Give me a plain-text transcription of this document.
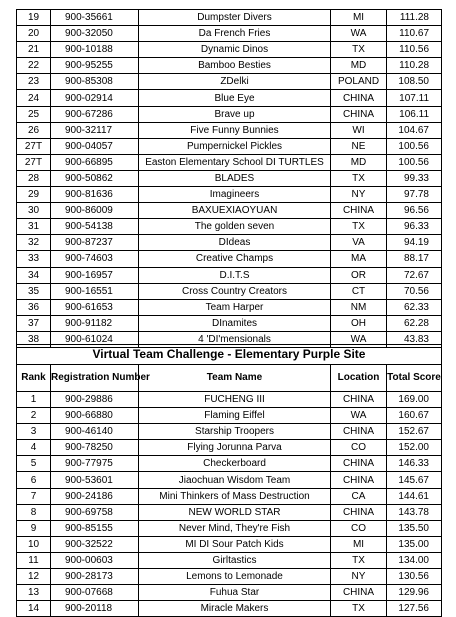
19	900-35661	Dumpster Divers	MI	111.28
20	900-32050	Da French Fries	WA	110.67
21	900-10188	Dynamic Dinos	TX	110.56
22	900-95255	Bamboo Besties	MD	110.28
23	900-85308	ZDelki	POLAND	108.50
24	900-02914	Blue Eye	CHINA	107.11
25	900-67286	Brave up	CHINA	106.11
26	900-32117	Five Funny Bunnies	WI	104.67
27T	900-04057	Pumpernickel Pickles	NE	100.56
27T	900-66895	Easton Elementary School DI TURTLES	MD	100.56
28	900-50862	BLADES	TX	99.33
29	900-81636	Imagineers	NY	97.78
30	900-86009	BAXUEXIAOYUAN	CHINA	96.56
31	900-54138	The golden seven	TX	96.33
32	900-87237	DIdeas	VA	94.19
33	900-74603	Creative Champs	MA	88.17
34	900-16957	D.I.T.S	OR	72.67
35	900-16551	Cross Country Creators	CT	70.56
36	900-61653	Team Harper	NM	62.33
37	900-91182	DInamites	OH	62.28
38	900-61024	4 'DI'mensionals	WA	43.83
Virtual Team Challenge - Elementary Purple Site				
Rank	Registration Number	Team Name	Location	Total Score
1	900-29886	FUCHENG III	CHINA	169.00
2	900-66880	Flaming Eiffel	WA	160.67
3	900-46140	Starship Troopers	CHINA	152.67
4	900-78250	Flying Jorunna Parva	CO	152.00
5	900-77975	Checkerboard	CHINA	146.33
6	900-53601	Jiaochuan Wisdom Team	CHINA	145.67
7	900-24186	Mini Thinkers of Mass Destruction	CA	144.61
8	900-69758	NEW WORLD STAR	CHINA	143.78
9	900-85155	Never Mind, They're Fish	CO	135.50
10	900-32522	MI DI Sour Patch Kids	MI	135.00
11	900-00603	Girltastics	TX	134.00
12	900-28173	Lemons to Lemonade	NY	130.56
13	900-07668	Fuhua Star	CHINA	129.96
14	900-20118	Miracle Makers	TX	127.56
